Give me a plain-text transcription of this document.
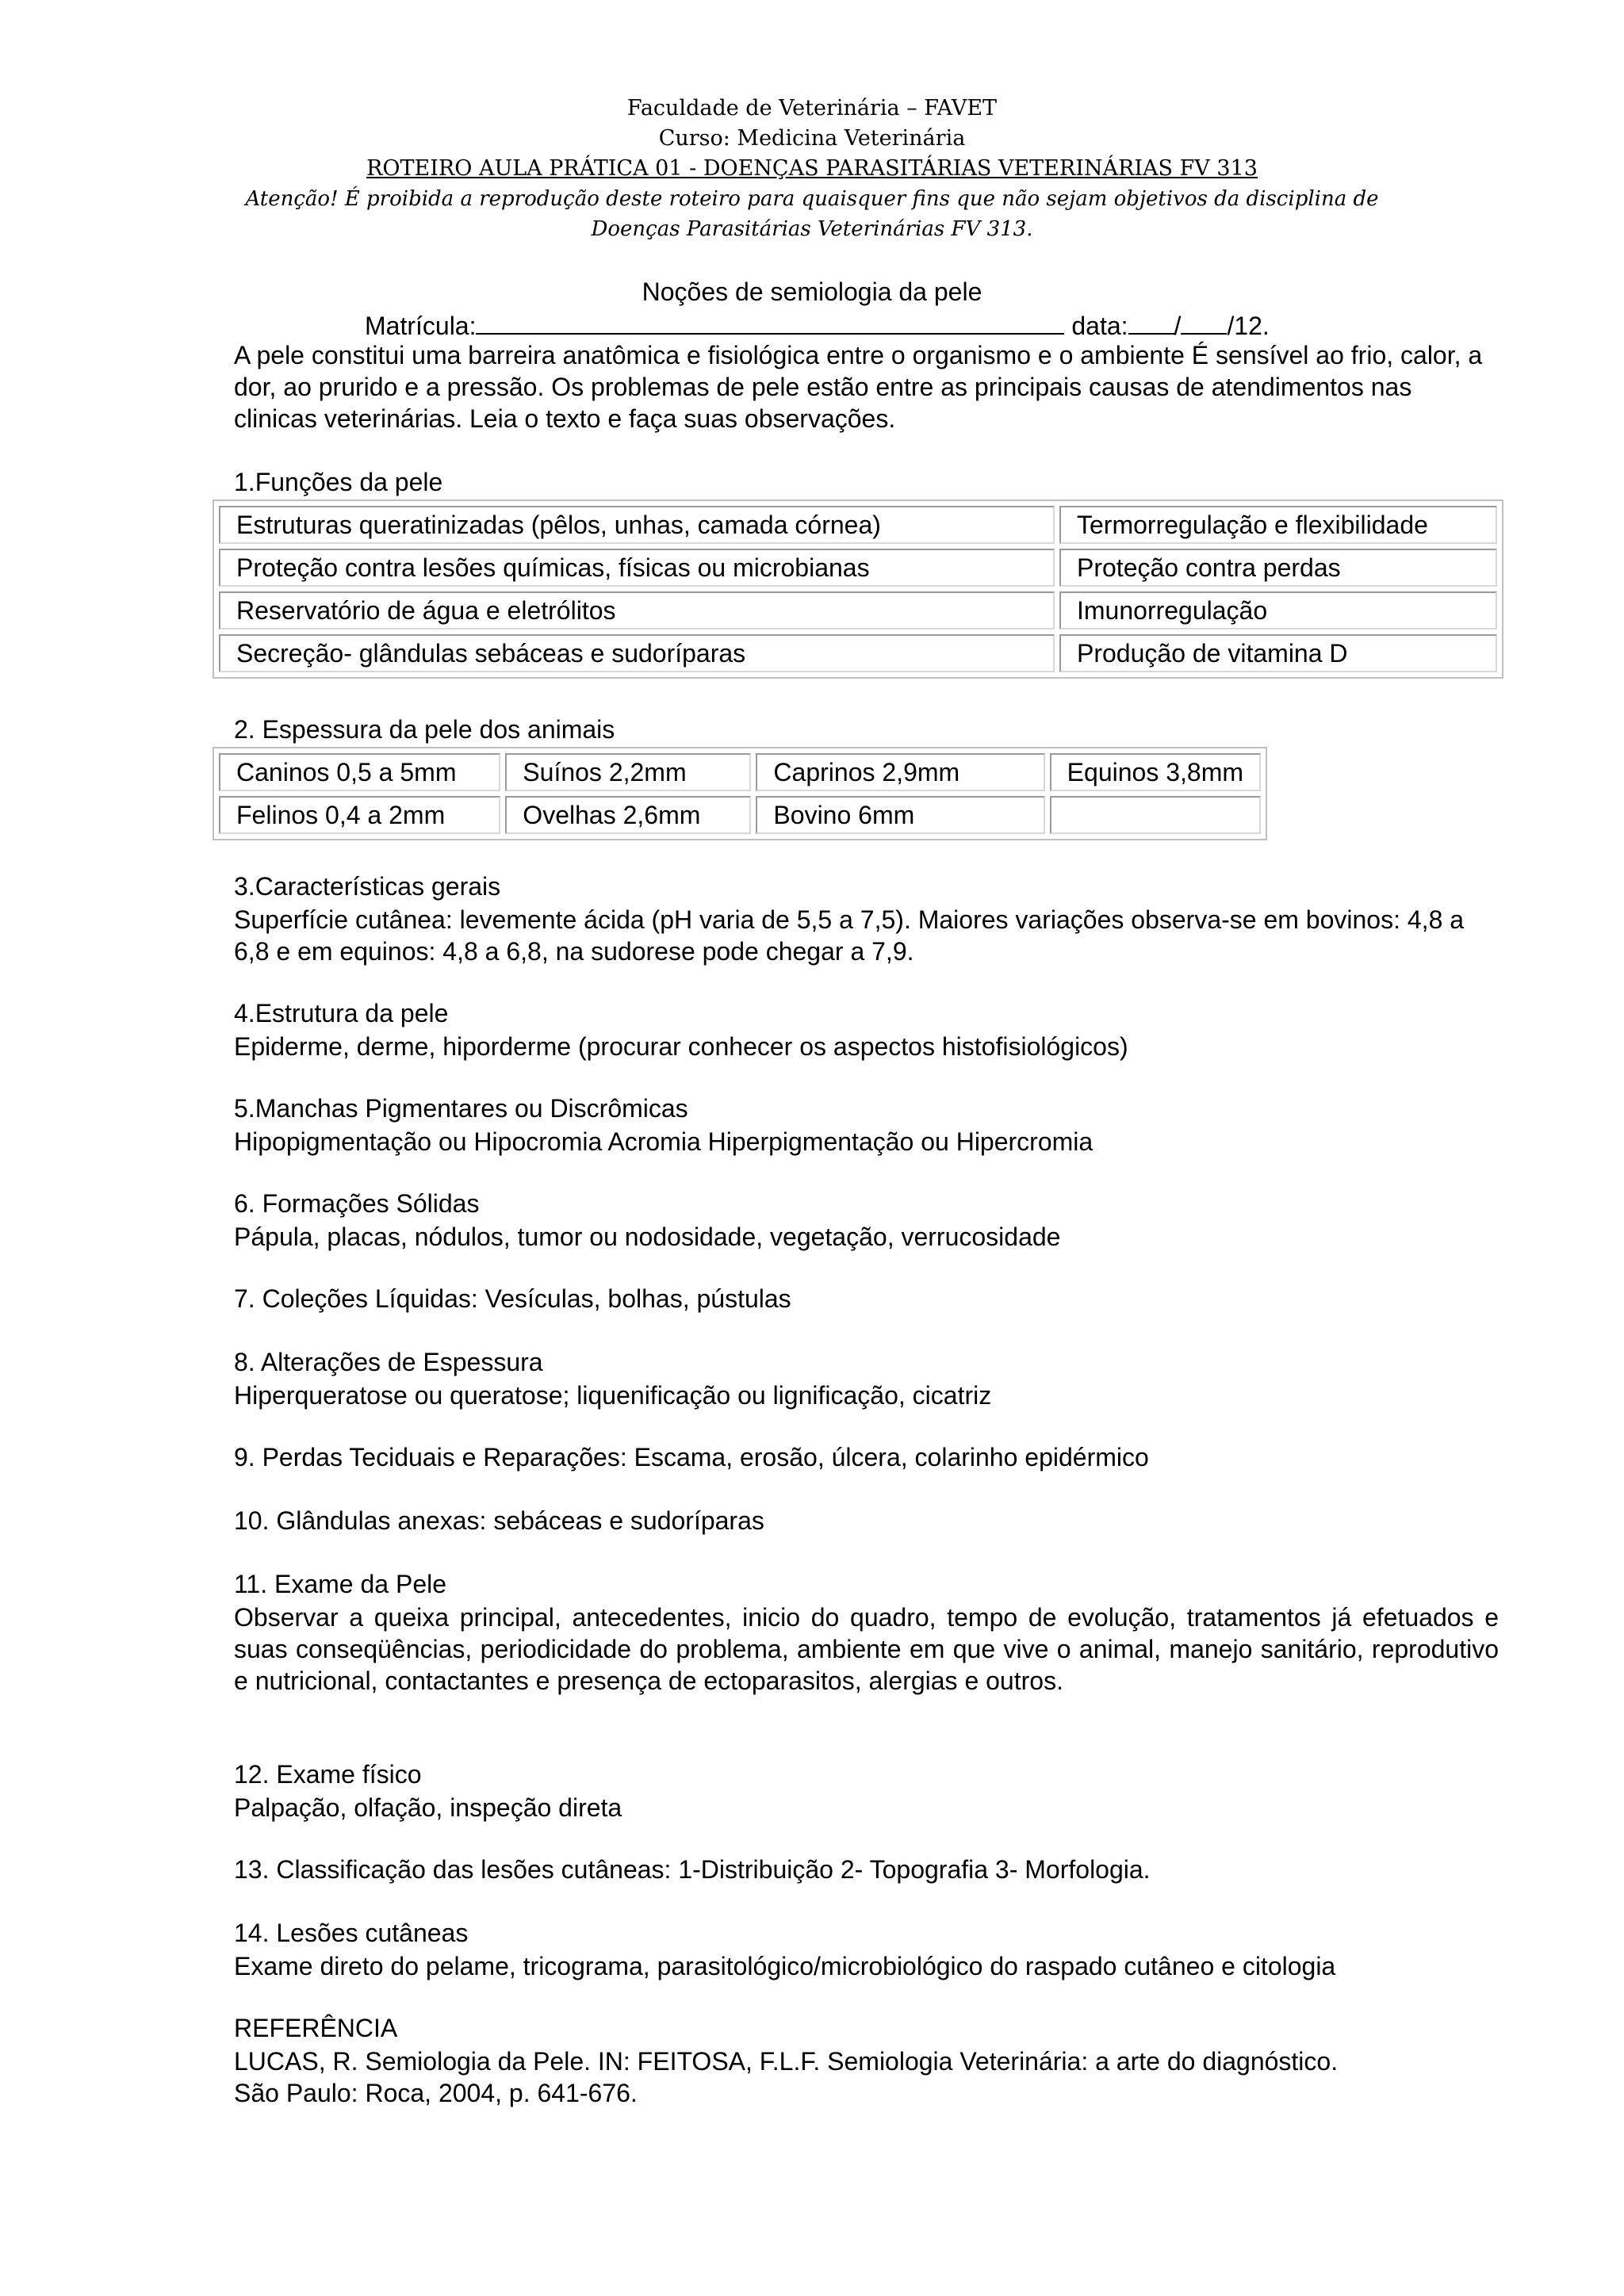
Faculdade de Veterinária – FAVET
Curso: Medicina Veterinária
ROTEIRO AULA PRÁTICA 01 - DOENÇAS PARASITÁRIAS VETERINÁRIAS FV 313
Atenção! É proibida a reprodução deste roteiro para quaisquer fins que não sejam objetivos da disciplina de
Doenças Parasitárias Veterinárias FV 313.
Noções de semiologia da pele
Matrícula:	data: / /12.
A pele constitui uma barreira anatômica e fisiológica entre o organismo e o ambiente É sensível ao frio, calor, a dor, ao prurido e a pressão. Os problemas de pele estão entre as principais causas de atendimentos nas clinicas veterinárias. Leia o texto e faça suas observações.
1.Funções da pele
Estruturas queratinizadas (pêlos, unhas, camada córnea)	Termorregulação e flexibilidade
Proteção contra lesões químicas, físicas ou microbianas	Proteção contra perdas
Reservatório de água e eletrólitos	Imunorregulação
Secreção- glândulas sebáceas e sudoríparas	Produção de vitamina D
2. Espessura da pele dos animais
Caninos 0,5 a 5mm	Suínos 2,2mm	Caprinos 2,9mm	Equinos 3,8mm
Felinos 0,4 a 2mm	Ovelhas 2,6mm	Bovino 6mm	
3.Características gerais
Superfície cutânea: levemente ácida (pH varia de 5,5 a 7,5). Maiores variações observa-se em bovinos: 4,8 a 6,8 e em equinos: 4,8 a 6,8, na sudorese pode chegar a 7,9.
4.Estrutura da pele
Epiderme, derme, hiporderme (procurar conhecer os aspectos histofisiológicos)
5.Manchas Pigmentares ou Discrômicas
Hipopigmentação ou Hipocromia Acromia Hiperpigmentação ou Hipercromia
6. Formações Sólidas
Pápula, placas, nódulos, tumor ou nodosidade, vegetação, verrucosidade
7. Coleções Líquidas: Vesículas, bolhas, pústulas
8. Alterações de Espessura
Hiperqueratose ou queratose; liquenificação ou lignificação, cicatriz
9. Perdas Teciduais e Reparações: Escama, erosão, úlcera, colarinho epidérmico
10. Glândulas anexas: sebáceas e sudoríparas
11. Exame da Pele
Observar a queixa principal, antecedentes, inicio do quadro, tempo de evolução, tratamentos já efetuados e suas conseqüências, periodicidade do problema, ambiente em que vive o animal, manejo sanitário, reprodutivo e nutricional, contactantes e presença de ectoparasitos, alergias e outros.
12. Exame físico
Palpação, olfação, inspeção direta
13. Classificação das lesões cutâneas: 1-Distribuição 2- Topografia 3- Morfologia.
14. Lesões cutâneas
Exame direto do pelame, tricograma, parasitológico/microbiológico do raspado cutâneo e citologia
REFERÊNCIA
LUCAS, R. Semiologia da Pele. IN: FEITOSA, F.L.F. Semiologia Veterinária: a arte do diagnóstico.
São Paulo: Roca, 2004, p. 641-676.
